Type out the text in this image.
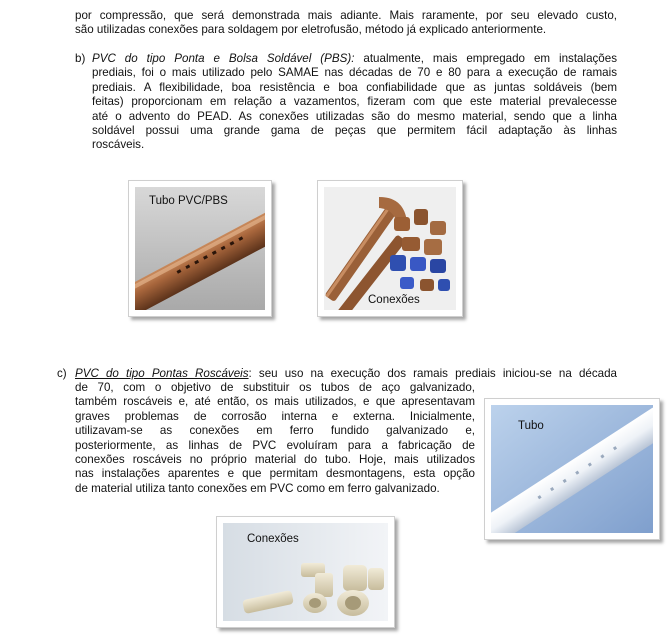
por compressão, que será demonstrada mais adiante. Mais raramente, por seu elevado custo,
são utilizadas conexões para soldagem por eletrofusão, método já explicado anteriormente.
b) PVC do tipo Ponta e Bolsa Soldável (PBS): atualmente, mais empregado em instalações
prediais, foi o mais utilizado pelo SAMAE nas décadas de 70 e 80 para a execução de ramais
prediais. A flexibilidade, boa resistência e boa confiabilidade que as juntas soldáveis (bem
feitas) proporcionam em relação a vazamentos, fizeram com que este material prevalecesse
até o advento do PEAD. As conexões utilizadas são do mesmo material, sendo que a linha
soldável possui uma grande gama de peças que permitem fácil adaptação às linhas
roscáveis.
Tubo PVC/PBS
Conexões
c) PVC do tipo Pontas Roscáveis: seu uso na execução dos ramais prediais iniciou-se na década
de 70, com o objetivo de substituir os tubos de aço galvanizado,
também roscáveis e, até então, os mais utilizados, e que apresentavam
graves problemas de corrosão interna e externa. Inicialmente,
utilizavam-se as conexões em ferro fundido galvanizado e,
posteriormente, as linhas de PVC evoluíram para a fabricação de
conexões roscáveis no próprio material do tubo. Hoje, mais utilizados
nas instalações aparentes e que permitam desmontagens, esta opção
de material utiliza tanto conexões em PVC como em ferro galvanizado.
Tubo
Conexões
